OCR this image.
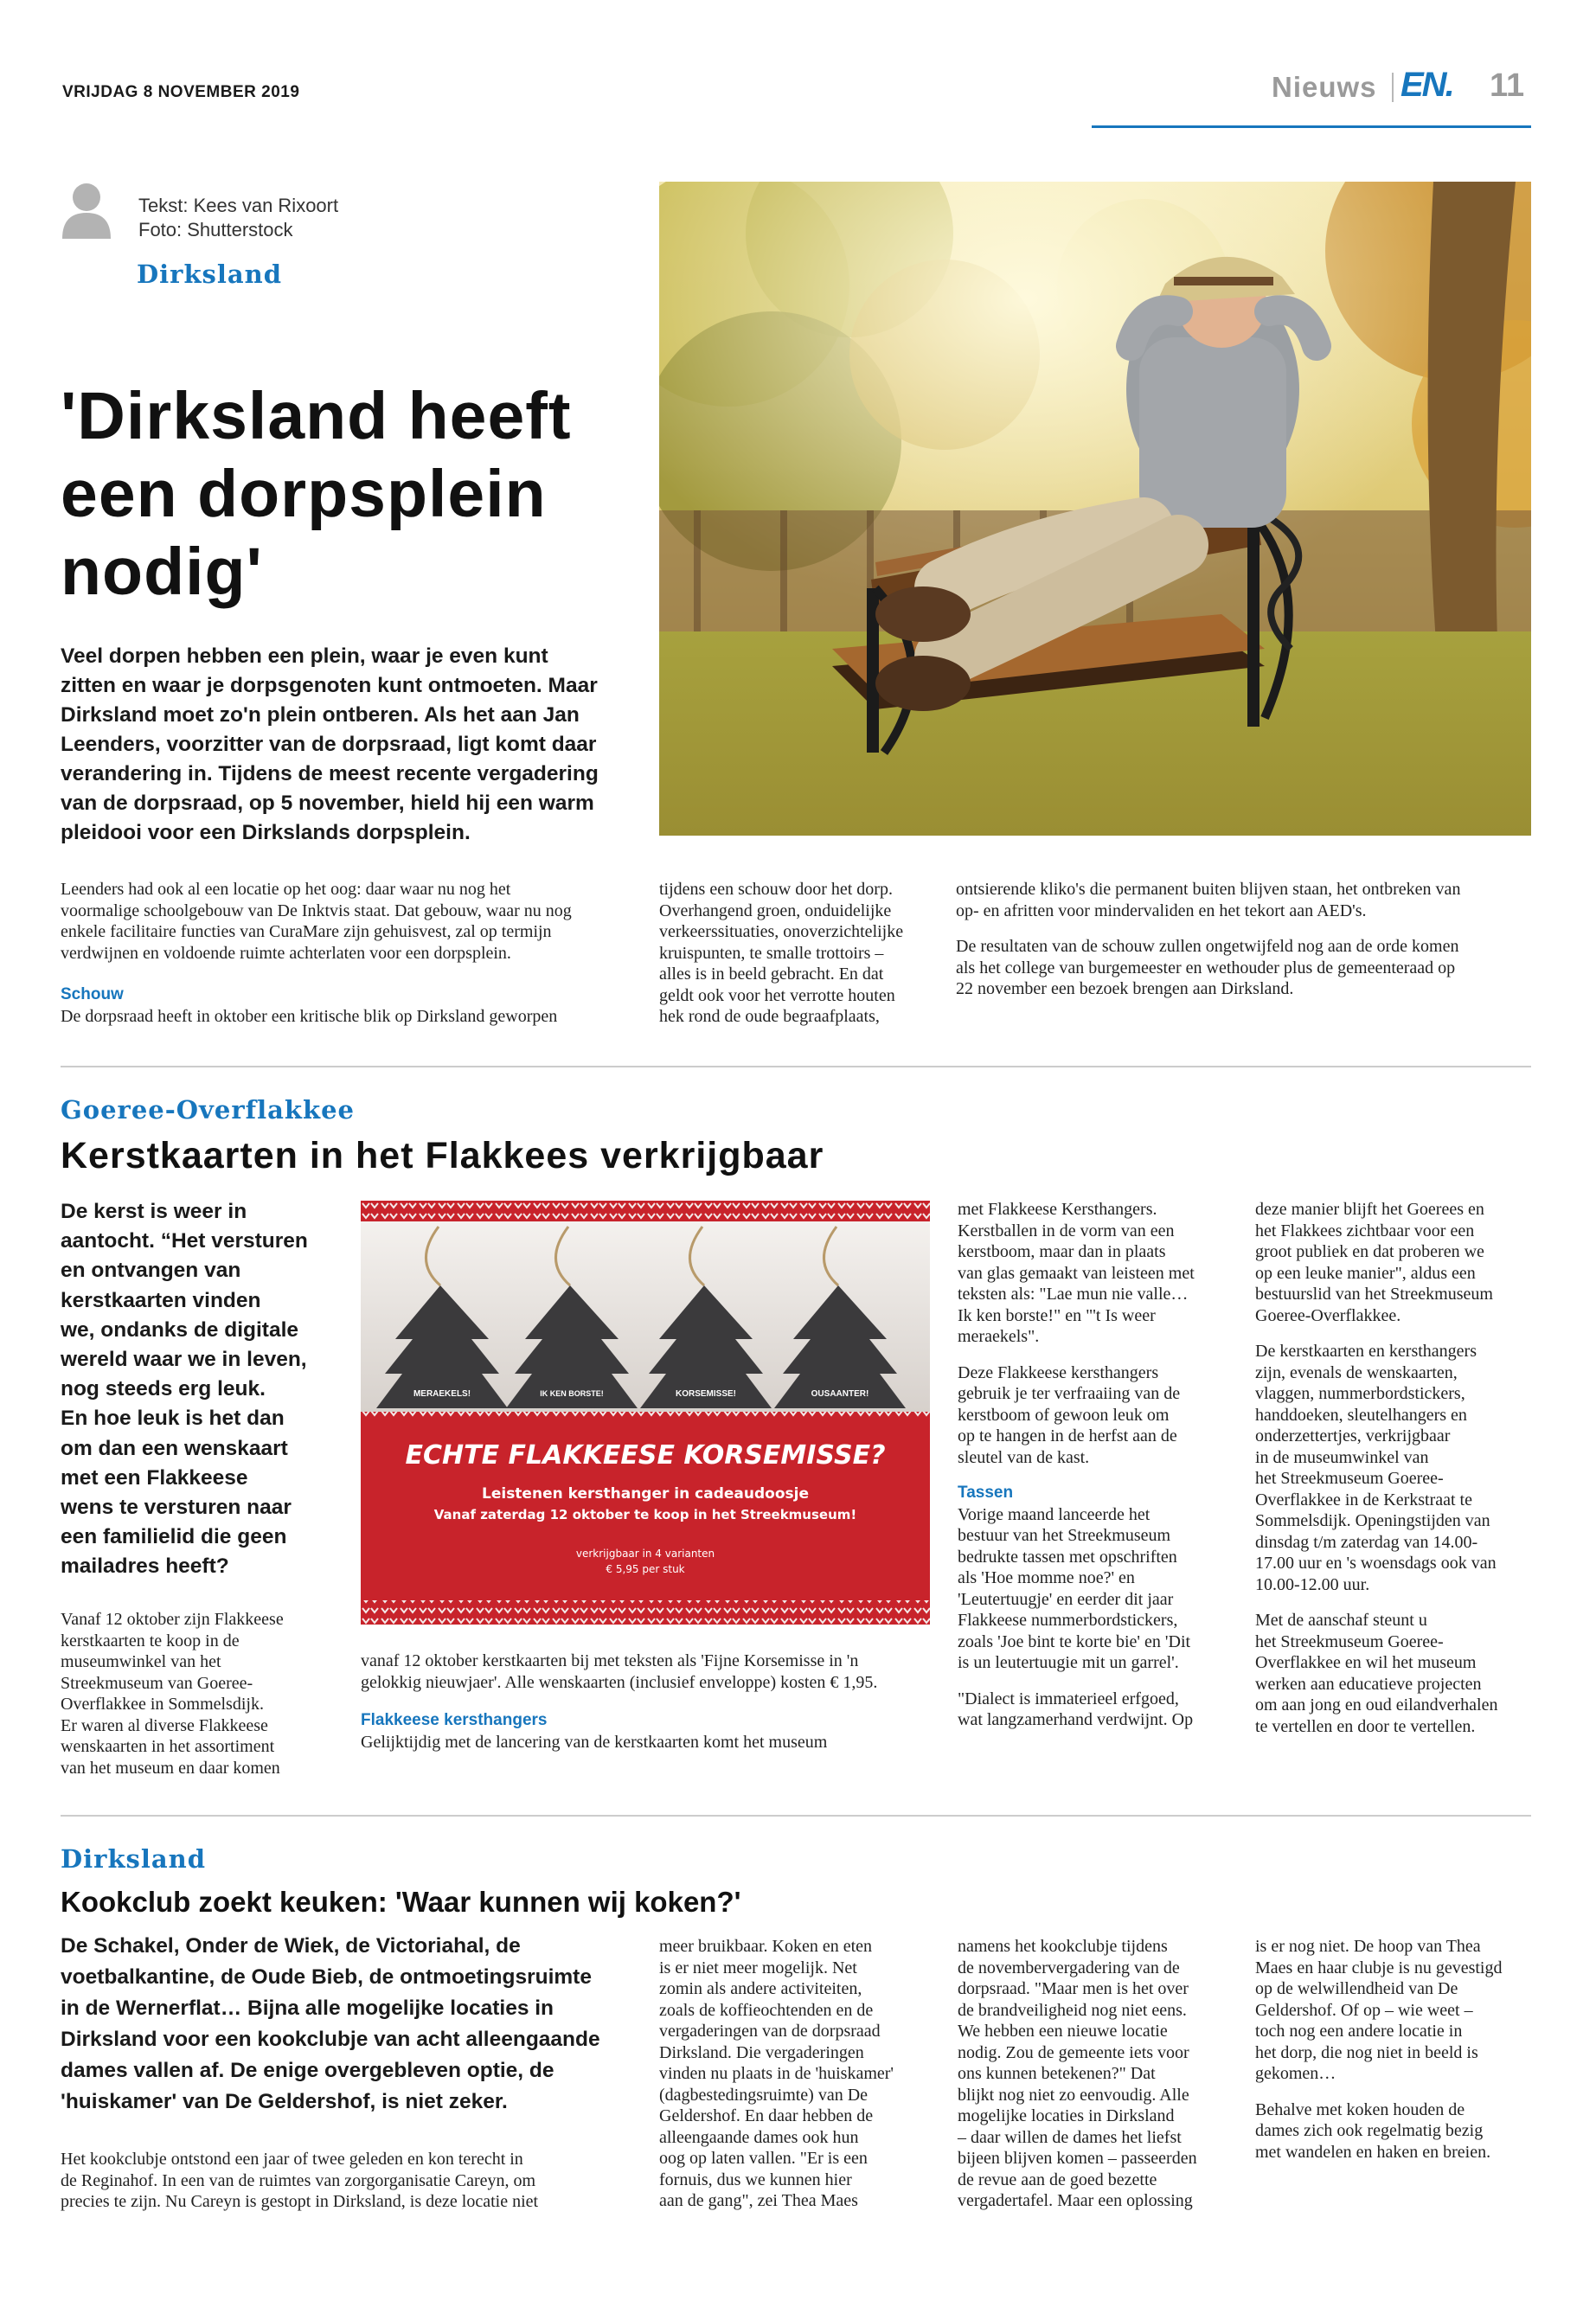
VRIJDAG 8 NOVEMBER 2019	Nieuws EN. 11
Tekst: Kees van Rixoort
Foto: Shutterstock
Dirksland
'Dirksland heeft
een dorpsplein
nodig'
Veel dorpen hebben een plein, waar je even kunt
zitten en waar je dorpsgenoten kunt ontmoeten. Maar
Dirksland moet zo'n plein ontberen. Als het aan Jan
Leenders, voorzitter van de dorpsraad, ligt komt daar
verandering in. Tijdens de meest recente vergadering
van de dorpsraad, op 5 november, hield hij een warm
pleidooi voor een Dirkslands dorpsplein.
Leenders had ook al een locatie op het oog: daar waar nu nog het
voormalige schoolgebouw van De Inktvis staat. Dat gebouw, waar nu nog
enkele facilitaire functies van CuraMare zijn gehuisvest, zal op termijn
verdwijnen en voldoende ruimte achterlaten voor een dorpsplein.
Schouw
De dorpsraad heeft in oktober een kritische blik op Dirksland geworpen
tijdens een schouw door het dorp.
Overhangend groen, onduidelijke
verkeerssituaties, onoverzichtelijke
kruispunten, te smalle trottoirs –
alles is in beeld gebracht. En dat
geldt ook voor het verrotte houten
hek rond de oude begraafplaats,
ontsierende kliko's die permanent buiten blijven staan, het ontbreken van
op- en afritten voor mindervaliden en het tekort aan AED's.
De resultaten van de schouw zullen ongetwijfeld nog aan de orde komen
als het college van burgemeester en wethouder plus de gemeenteraad op
22 november een bezoek brengen aan Dirksland.
Goeree-Overflakkee
Kerstkaarten in het Flakkees verkrijgbaar
De kerst is weer in
aantocht. “Het versturen
en ontvangen van
kerstkaarten vinden
we, ondanks de digitale
wereld waar we in leven,
nog steeds erg leuk.
En hoe leuk is het dan
om dan een wenskaart
met een Flakkeese
wens te versturen naar
een familielid die geen
mailadres heeft?
Vanaf 12 oktober zijn Flakkeese
kerstkaarten te koop in de
museumwinkel van het
Streekmuseum van Goeree-
Overflakkee in Sommelsdijk.
Er waren al diverse Flakkeese
wenskaarten in het assortiment
van het museum en daar komen
MERAEKELS!	IK KEN BORSTE!	KORSEMISSE!	OUSAANTER!
ECHTE FLAKKEESE KORSEMISSE?
Leistenen kersthanger in cadeaudoosje
Vanaf zaterdag 12 oktober te koop in het Streekmuseum!
verkrijgbaar in 4 varianten
€ 5,95 per stuk
vanaf 12 oktober kerstkaarten bij met teksten als 'Fijne Korsemisse in 'n
gelokkig nieuwjaer'. Alle wenskaarten (inclusief enveloppe) kosten € 1,95.
Flakkeese kersthangers
Gelijktijdig met de lancering van de kerstkaarten komt het museum
met Flakkeese Kersthangers.
Kerstballen in de vorm van een
kerstboom, maar dan in plaats
van glas gemaakt van leisteen met
teksten als: "Lae mun nie valle…
Ik ken borste!" en "'t Is weer
meraekels".
Deze Flakkeese kersthangers
gebruik je ter verfraaiing van de
kerstboom of gewoon leuk om
op te hangen in de herfst aan de
sleutel van de kast.
Tassen
Vorige maand lanceerde het
bestuur van het Streekmuseum
bedrukte tassen met opschriften
als 'Hoe momme noe?' en
'Leutertuugje' en eerder dit jaar
Flakkeese nummerbordstickers,
zoals 'Joe bint te korte bie' en 'Dit
is un leutertuugie mit un garrel'.
"Dialect is immaterieel erfgoed,
wat langzamerhand verdwijnt. Op
deze manier blijft het Goerees en
het Flakkees zichtbaar voor een
groot publiek en dat proberen we
op een leuke manier", aldus een
bestuurslid van het Streekmuseum
Goeree-Overflakkee.
De kerstkaarten en kersthangers
zijn, evenals de wenskaarten,
vlaggen, nummerbordstickers,
handdoeken, sleutelhangers en
onderzettertjes, verkrijgbaar
in de museumwinkel van
het Streekmuseum Goeree-
Overflakkee in de Kerkstraat te
Sommelsdijk. Openingstijden van
dinsdag t/m zaterdag van 14.00-
17.00 uur en 's woensdags ook van
10.00-12.00 uur.
Met de aanschaf steunt u
het Streekmuseum Goeree-
Overflakkee en wil het museum
werken aan educatieve projecten
om aan jong en oud eilandverhalen
te vertellen en door te vertellen.
Dirksland
Kookclub zoekt keuken: 'Waar kunnen wij koken?'
De Schakel, Onder de Wiek, de Victoriahal, de
voetbalkantine, de Oude Bieb, de ontmoetingsruimte
in de Wernerflat… Bijna alle mogelijke locaties in
Dirksland voor een kookclubje van acht alleengaande
dames vallen af. De enige overgebleven optie, de
'huiskamer' van De Geldershof, is niet zeker.
Het kookclubje ontstond een jaar of twee geleden en kon terecht in
de Reginahof. In een van de ruimtes van zorgorganisatie Careyn, om
precies te zijn. Nu Careyn is gestopt in Dirksland, is deze locatie niet
meer bruikbaar. Koken en eten
is er niet meer mogelijk. Net
zomin als andere activiteiten,
zoals de koffieochtenden en de
vergaderingen van de dorpsraad
Dirksland. Die vergaderingen
vinden nu plaats in de 'huiskamer'
(dagbestedingsruimte) van De
Geldershof. En daar hebben de
alleengaande dames ook hun
oog op laten vallen. "Er is een
fornuis, dus we kunnen hier
aan de gang", zei Thea Maes
namens het kookclubje tijdens
de novembervergadering van de
dorpsraad. "Maar men is het over
de brandveiligheid nog niet eens.
We hebben een nieuwe locatie
nodig. Zou de gemeente iets voor
ons kunnen betekenen?" Dat
blijkt nog niet zo eenvoudig. Alle
mogelijke locaties in Dirksland
– daar willen de dames het liefst
bijeen blijven komen – passeerden
de revue aan de goed bezette
vergadertafel. Maar een oplossing
is er nog niet. De hoop van Thea
Maes en haar clubje is nu gevestigd
op de welwillendheid van De
Geldershof. Of op – wie weet –
toch nog een andere locatie in
het dorp, die nog niet in beeld is
gekomen…
Behalve met koken houden de
dames zich ook regelmatig bezig
met wandelen en haken en breien.
